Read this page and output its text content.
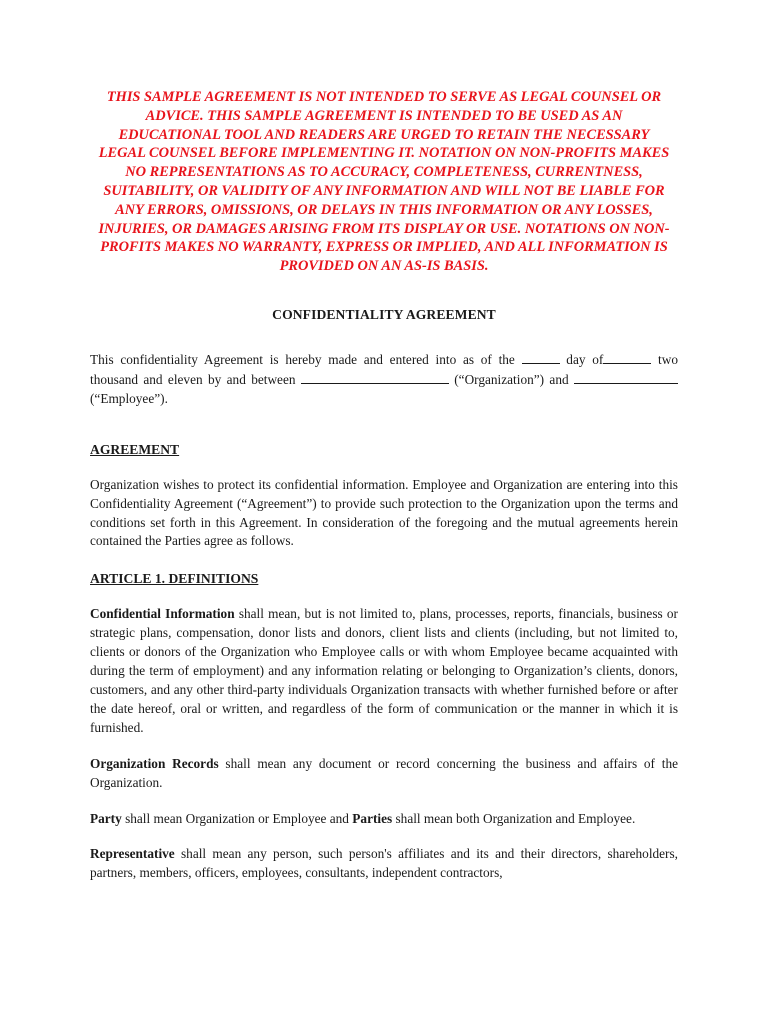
THIS SAMPLE AGREEMENT IS NOT INTENDED TO SERVE AS LEGAL COUNSEL OR ADVICE. THIS SAMPLE AGREEMENT IS INTENDED TO BE USED AS AN EDUCATIONAL TOOL AND READERS ARE URGED TO RETAIN THE NECESSARY LEGAL COUNSEL BEFORE IMPLEMENTING IT. NOTATION ON NON-PROFITS MAKES NO REPRESENTATIONS AS TO ACCURACY, COMPLETENESS, CURRENTNESS, SUITABILITY, OR VALIDITY OF ANY INFORMATION AND WILL NOT BE LIABLE FOR ANY ERRORS, OMISSIONS, OR DELAYS IN THIS INFORMATION OR ANY LOSSES, INJURIES, OR DAMAGES ARISING FROM ITS DISPLAY OR USE. NOTATIONS ON NON-PROFITS MAKES NO WARRANTY, EXPRESS OR IMPLIED, AND ALL INFORMATION IS PROVIDED ON AN AS-IS BASIS.

CONFIDENTIALITY AGREEMENT

This confidentiality Agreement is hereby made and entered into as of the	day of	two thousand and eleven by and between	(“Organization”) and  (“Employee”).

AGREEMENT

Organization wishes to protect its confidential information. Employee and Organization are entering into this Confidentiality Agreement (“Agreement”) to provide such protection to the Organization upon the terms and conditions set forth in this Agreement. In consideration of the foregoing and the mutual agreements herein contained the Parties agree as follows.

ARTICLE 1. DEFINITIONS

Confidential Information shall mean, but is not limited to, plans, processes, reports, financials, business or strategic plans, compensation, donor lists and donors, client lists and clients (including, but not limited to, clients or donors of the Organization who Employee calls or with whom Employee became acquainted with during the term of employment) and any information relating or belonging to Organization’s clients, donors, customers, and any other third-party individuals Organization transacts with whether furnished before or after the date hereof, oral or written, and regardless of the form of communication or the manner in which it is furnished.

Organization Records shall mean any document or record concerning the business and affairs of the Organization.

Party shall mean Organization or Employee and Parties shall mean both Organization and Employee.

Representative shall mean any person, such person's affiliates and its and their directors, shareholders, partners, members, officers, employees, consultants, independent contractors,
